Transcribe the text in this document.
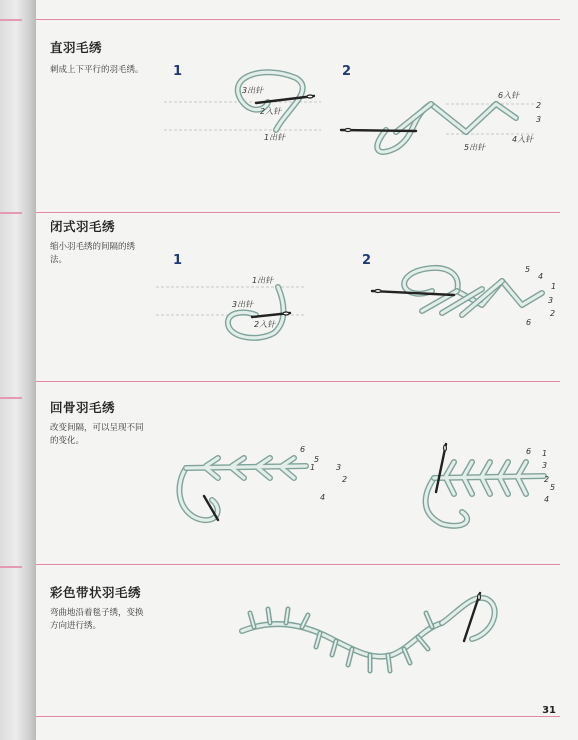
直羽毛绣
刺成上下平行的羽毛绣。	1	2
3出针
2入针
1出针
6入针
2
3
4入针
5出针
闭式羽毛绣
缩小羽毛绣的间隔的绣法。	1	2
1出针
3出针
2入针
5
4
1
3
2
6
回骨羽毛绣
改变间隔，可以呈现不同的变化。
6
5
1	3
2
4
6 1
3
5
2
4
彩色带状羽毛绣
弯曲地沿着毯子绣，变换方向进行绣。
31
